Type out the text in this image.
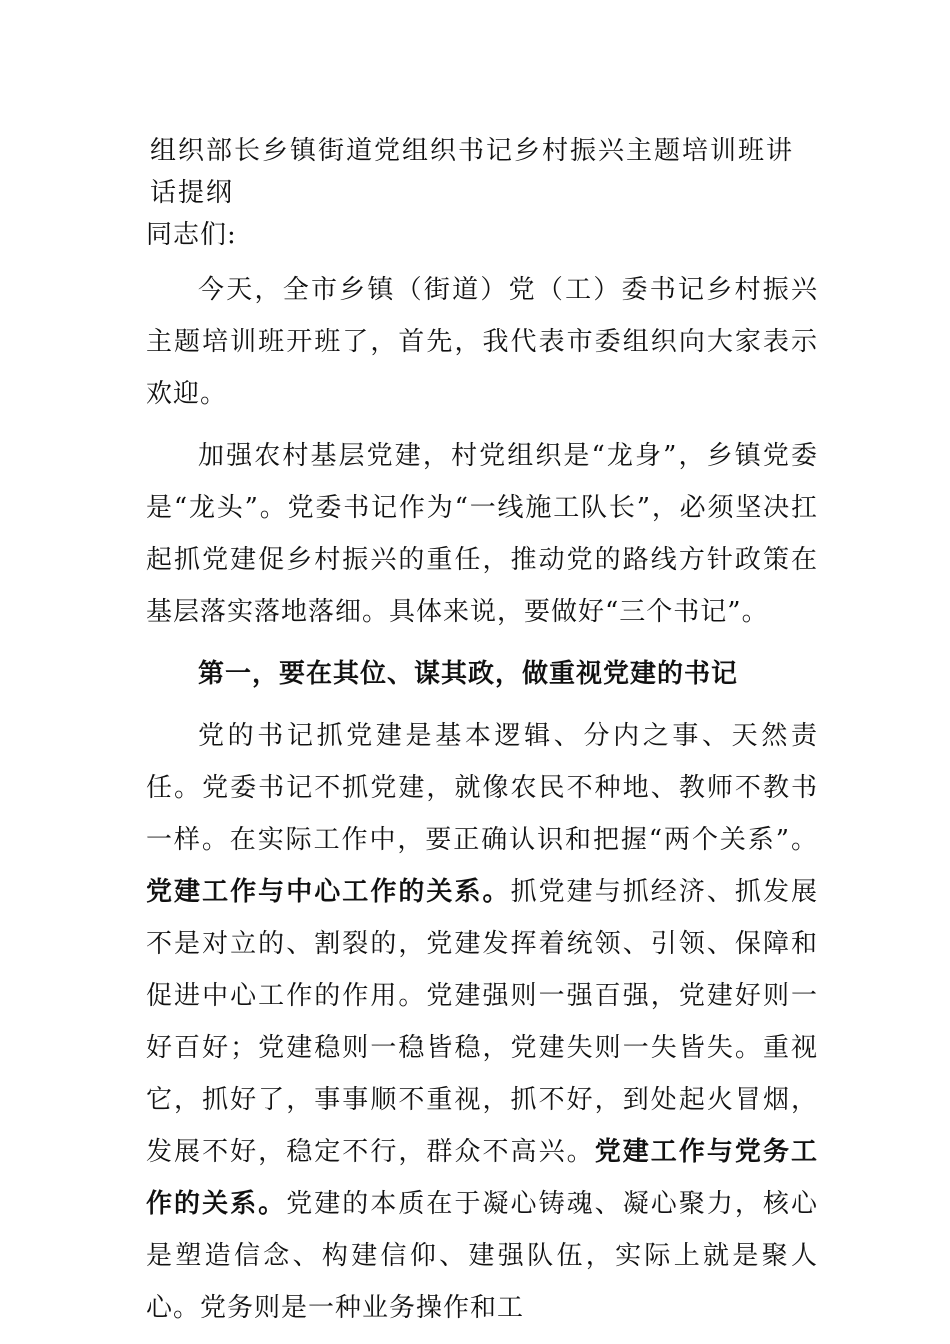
组织部长乡镇街道党组织书记乡村振兴主题培训班讲话提纲

同志们:

今天，全市乡镇（街道）党（工）委书记乡村振兴主题培训班开班了，首先，我代表市委组织向大家表示欢迎。

加强农村基层党建，村党组织是“龙身”，乡镇党委是“龙头”。党委书记作为“一线施工队长”，必须坚决扛起抓党建促乡村振兴的重任，推动党的路线方针政策在基层落实落地落细。具体来说，要做好“三个书记”。

第一，要在其位、谋其政，做重视党建的书记

党的书记抓党建是基本逻辑、分内之事、天然责任。党委书记不抓党建，就像农民不种地、教师不教书一样。在实际工作中，要正确认识和把握“两个关系”。党建工作与中心工作的关系。抓党建与抓经济、抓发展不是对立的、割裂的，党建发挥着统领、引领、保障和促进中心工作的作用。党建强则一强百强，党建好则一好百好；党建稳则一稳皆稳，党建失则一失皆失。重视它，抓好了，事事顺不重视，抓不好，到处起火冒烟，发展不好，稳定不行，群众不高兴。党建工作与党务工作的关系。党建的本质在于凝心铸魂、凝心聚力，核心是塑造信念、构建信仰、建强队伍，实际上就是聚人心。党务则是一种业务操作和工
